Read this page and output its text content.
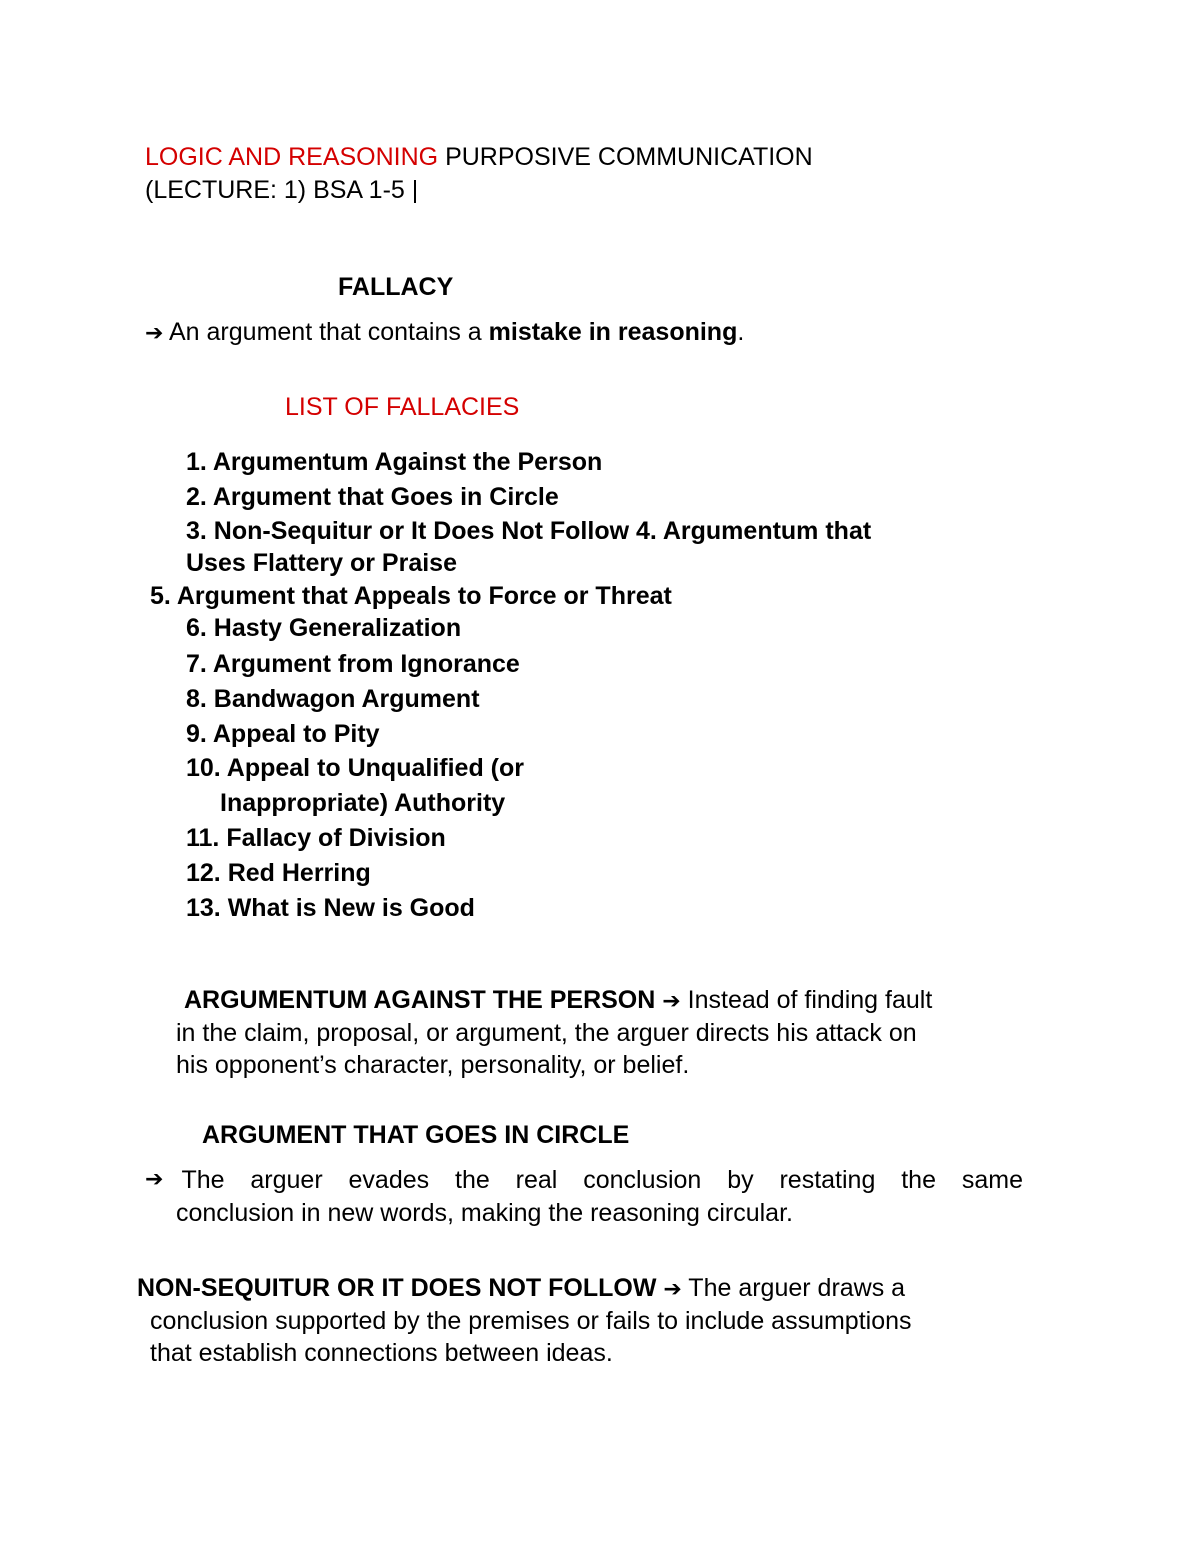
LOGIC AND REASONING PURPOSIVE COMMUNICATION
(LECTURE: 1) BSA 1-5 |
FALLACY
➔ An argument that contains a mistake in reasoning.
LIST OF FALLACIES
1. Argumentum Against the Person
2. Argument that Goes in Circle
3. Non-Sequitur or It Does Not Follow 4. Argumentum that
Uses Flattery or Praise
5. Argument that Appeals to Force or Threat
6. Hasty Generalization
7. Argument from Ignorance
8. Bandwagon Argument
9. Appeal to Pity
10. Appeal to Unqualified (or
Inappropriate) Authority
11. Fallacy of Division
12. Red Herring
13. What is New is Good
ARGUMENTUM AGAINST THE PERSON ➔ Instead of finding fault
in the claim, proposal, or argument, the arguer directs his attack on
his opponent’s character, personality, or belief.
ARGUMENT THAT GOES IN CIRCLE
➔ The arguer evades the real conclusion by restating the same
conclusion in new words, making the reasoning circular.
NON-SEQUITUR OR IT DOES NOT FOLLOW ➔ The arguer draws a
conclusion supported by the premises or fails to include assumptions
that establish connections between ideas.
